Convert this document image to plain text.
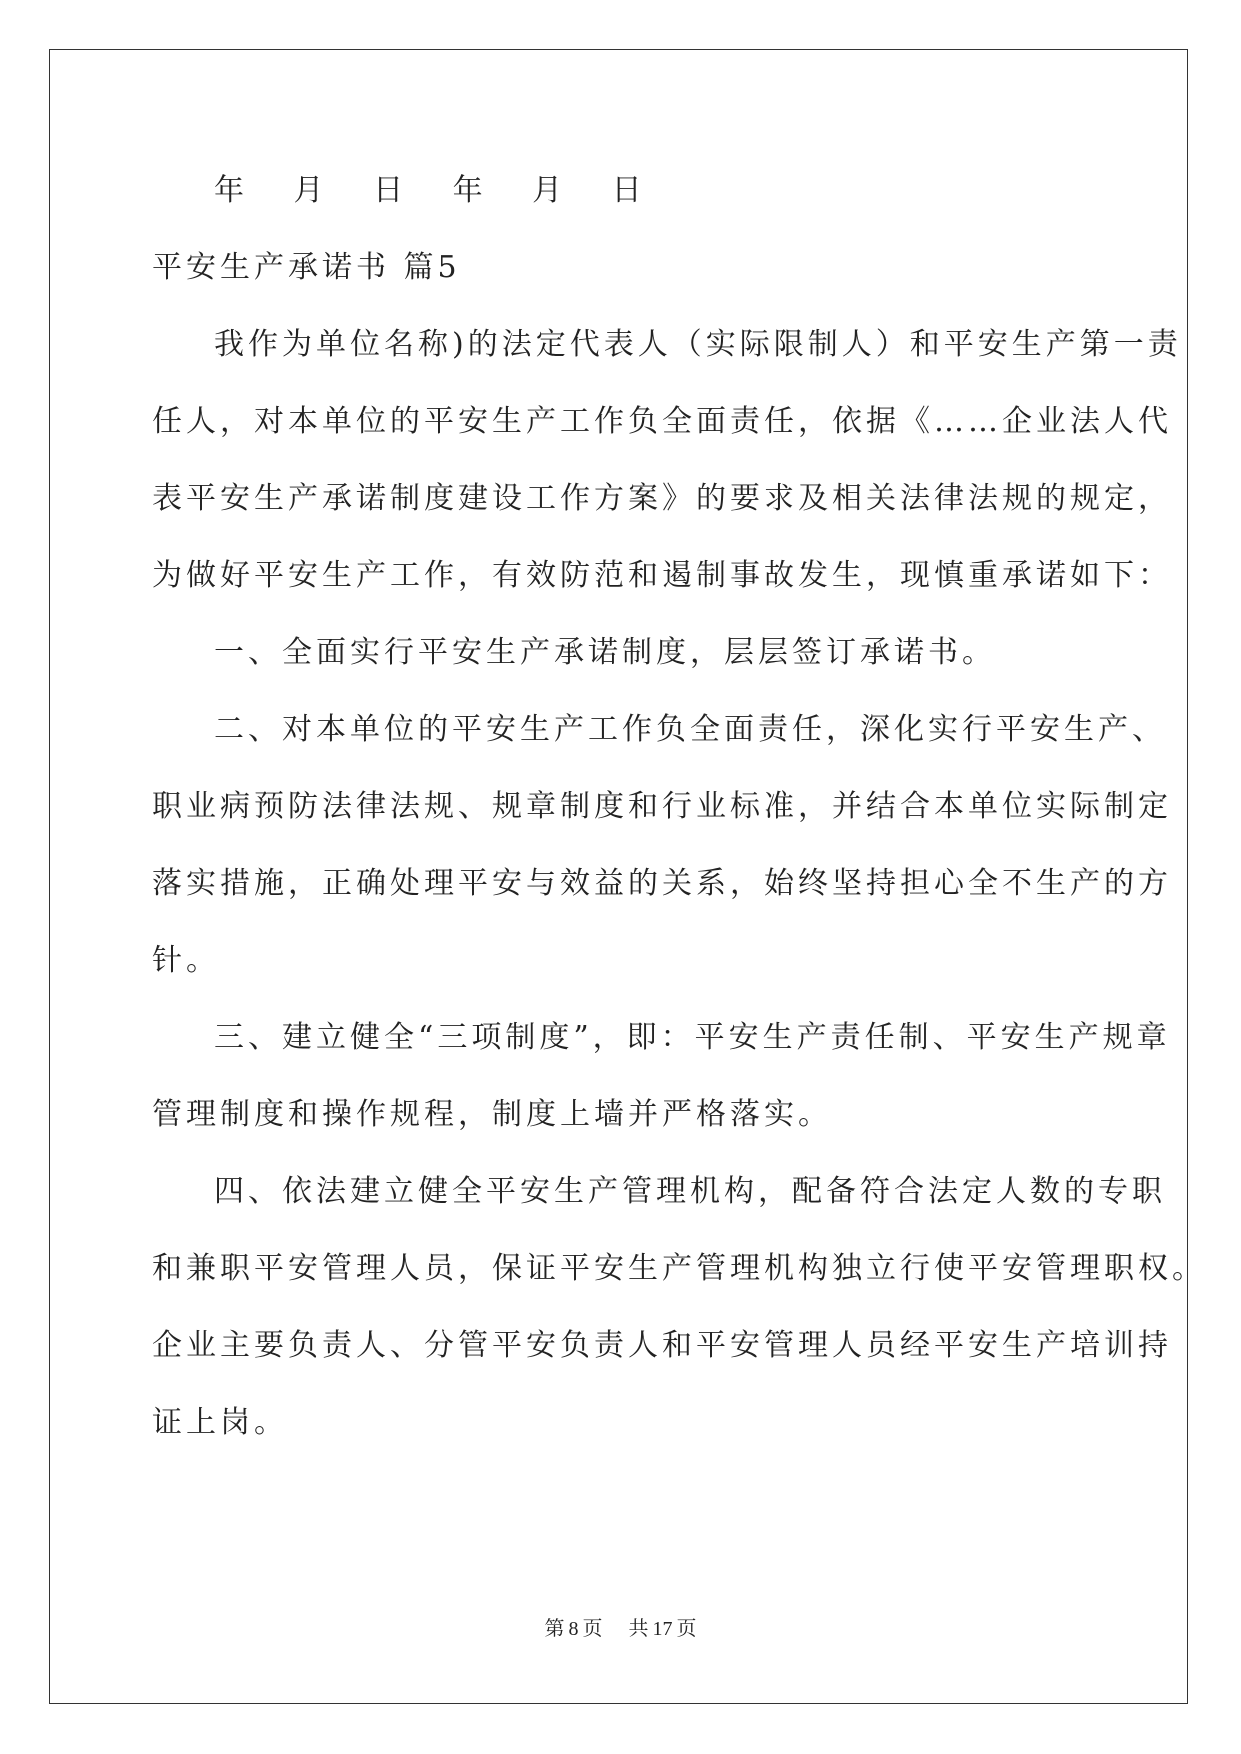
年 月 日 年 月 日
平安生产承诺书 篇5
我作为单位名称)的法定代表人（实际限制人）和平安生产第一责
任人，对本单位的平安生产工作负全面责任，依据《……企业法人代
表平安生产承诺制度建设工作方案》的要求及相关法律法规的规定，
为做好平安生产工作，有效防范和遏制事故发生，现慎重承诺如下：
一、全面实行平安生产承诺制度，层层签订承诺书。
二、对本单位的平安生产工作负全面责任，深化实行平安生产、
职业病预防法律法规、规章制度和行业标准，并结合本单位实际制定
落实措施，正确处理平安与效益的关系，始终坚持担心全不生产的方
针。
三、建立健全“三项制度”，即：平安生产责任制、平安生产规章
管理制度和操作规程，制度上墙并严格落实。
四、依法建立健全平安生产管理机构，配备符合法定人数的专职
和兼职平安管理人员，保证平安生产管理机构独立行使平安管理职权。
企业主要负责人、分管平安负责人和平安管理人员经平安生产培训持
证上岗。
第 8 页 共 17 页
